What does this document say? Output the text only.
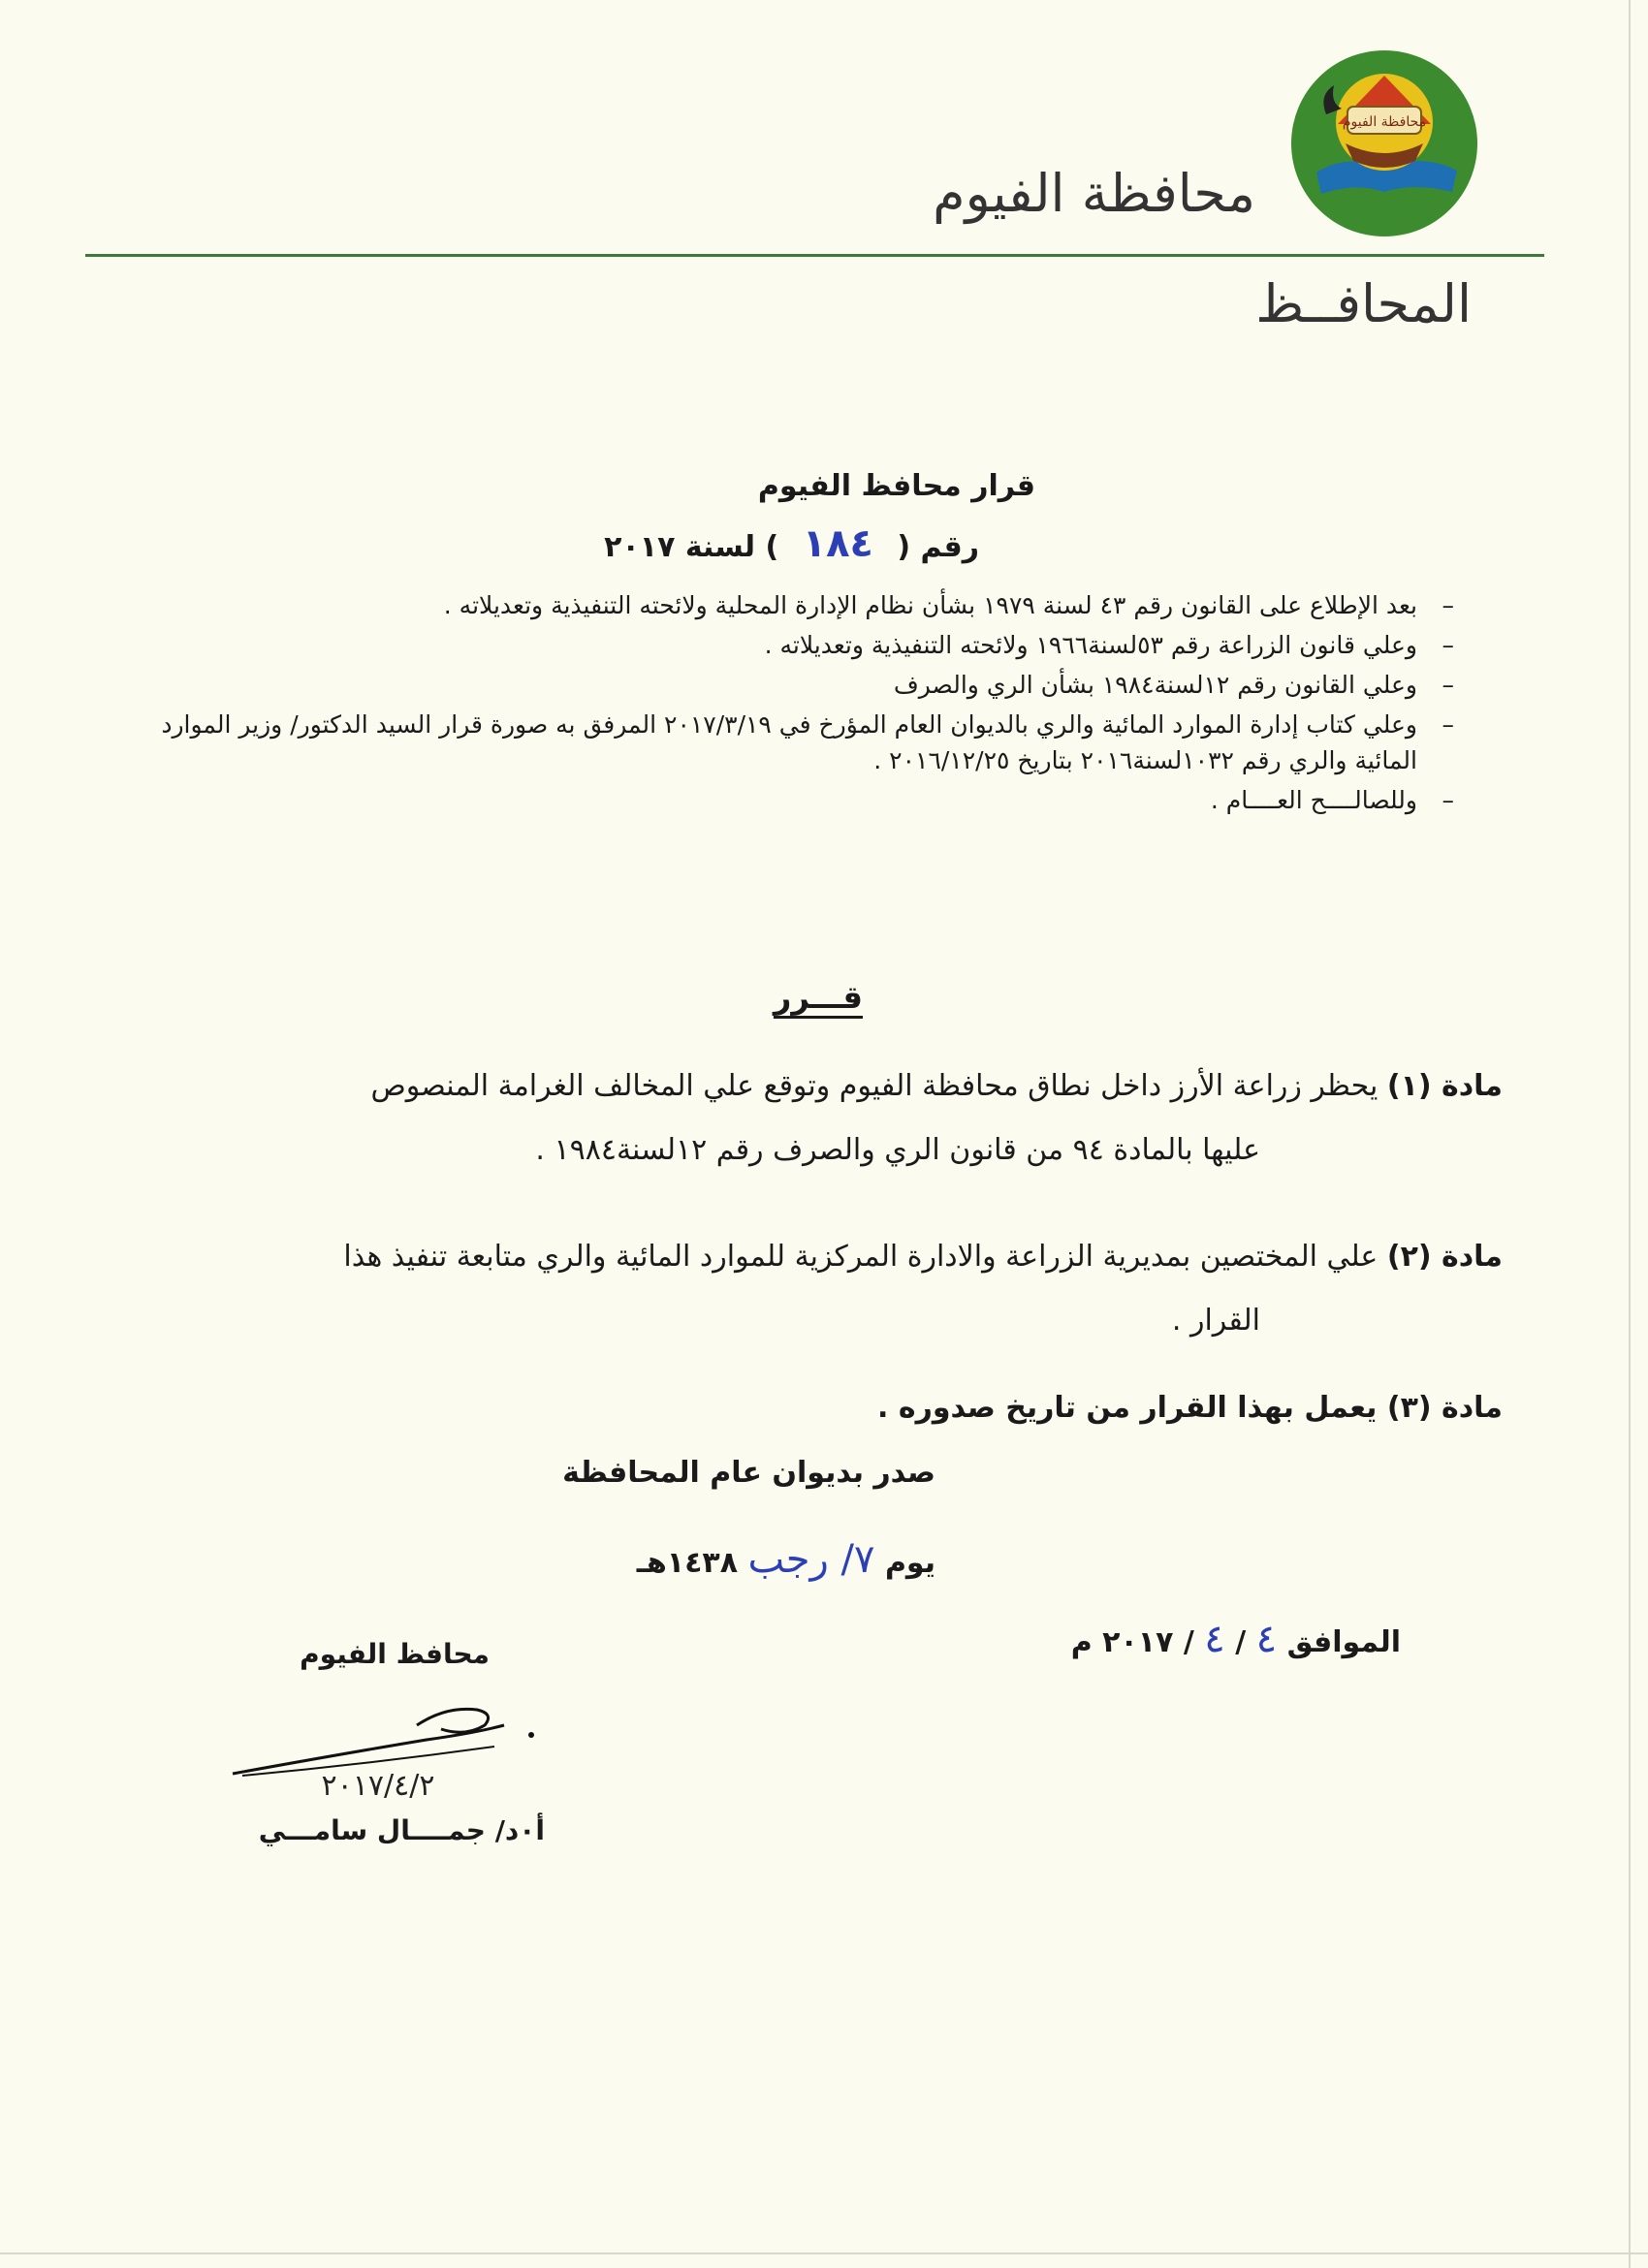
محافظة الفيوم
محافظة الفيوم
المحافــظ
قرار محافظ الفيوم
رقم ( ١٨٤ ) لسنة ٢٠١٧
– بعد الإطلاع على القانون رقم ٤٣ لسنة ١٩٧٩ بشأن نظام الإدارة المحلية ولائحته التنفيذية وتعديلاته .
– وعلي قانون الزراعة رقم ٥٣لسنة١٩٦٦ ولائحته التنفيذية وتعديلاته .
– وعلي القانون رقم ١٢لسنة١٩٨٤ بشأن الري والصرف
– وعلي كتاب إدارة الموارد المائية والري بالديوان العام المؤرخ في ٢٠١٧/٣/١٩ المرفق به صورة قرار السيد الدكتور/ وزير الموارد المائية والري رقم ١٠٣٢لسنة٢٠١٦ بتاريخ ٢٠١٦/١٢/٢٥ .
– وللصالــــح العــــام .
قـــرر
مادة (١) يحظر زراعة الأرز داخل نطاق محافظة الفيوم وتوقع علي المخالف الغرامة المنصوص
عليها بالمادة ٩٤ من قانون الري والصرف رقم ١٢لسنة١٩٨٤ .
مادة (٢) علي المختصين بمديرية الزراعة والادارة المركزية للموارد المائية والري متابعة تنفيذ هذا
القرار .
مادة (٣) يعمل بهذا القرار من تاريخ صدوره .
صدر بديوان عام المحافظة
يوم ٧/ رجب ١٤٣٨هـ
الموافق ٤ / ٤ / ٢٠١٧ م
محافظ الفيوم
٢٠١٧/٤/٢
أ٠د/ جمــــال سامـــي
